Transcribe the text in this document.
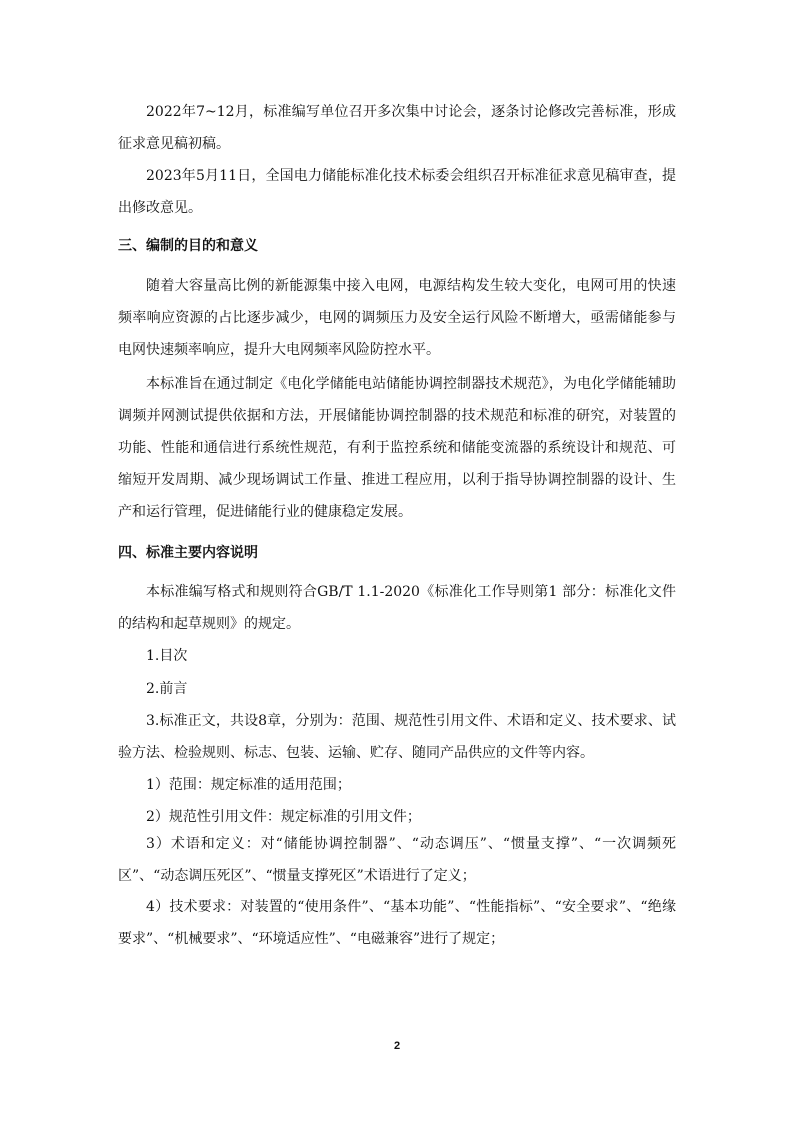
2022年7~12月，标准编写单位召开多次集中讨论会，逐条讨论修改完善标准，形成征求意见稿初稿。

2023年5月11日，全国电力储能标准化技术标委会组织召开标准征求意见稿审查，提出修改意见。

三、编制的目的和意义

随着大容量高比例的新能源集中接入电网，电源结构发生较大变化，电网可用的快速频率响应资源的占比逐步减少，电网的调频压力及安全运行风险不断增大，亟需储能参与电网快速频率响应，提升大电网频率风险防控水平。

本标准旨在通过制定《电化学储能电站储能协调控制器技术规范》，为电化学储能辅助调频并网测试提供依据和方法，开展储能协调控制器的技术规范和标准的研究，对装置的功能、性能和通信进行系统性规范，有利于监控系统和储能变流器的系统设计和规范、可缩短开发周期、减少现场调试工作量、推进工程应用，以利于指导协调控制器的设计、生产和运行管理，促进储能行业的健康稳定发展。

四、标准主要内容说明

本标准编写格式和规则符合GB/T 1.1-2020《标准化工作导则第1 部分：标准化文件的结构和起草规则》的规定。

1.目次

2.前言

3.标准正文，共设8章，分别为：范围、规范性引用文件、术语和定义、技术要求、试验方法、检验规则、标志、包装、运输、贮存、随同产品供应的文件等内容。

1）范围：规定标准的适用范围；

2）规范性引用文件：规定标准的引用文件；

3）术语和定义：对“储能协调控制器”、“动态调压”、“惯量支撑”、“一次调频死区”、“动态调压死区”、“惯量支撑死区”术语进行了定义；

4）技术要求：对装置的“使用条件”、“基本功能”、“性能指标”、“安全要求”、“绝缘要求”、“机械要求”、“环境适应性”、“电磁兼容”进行了规定；

2
